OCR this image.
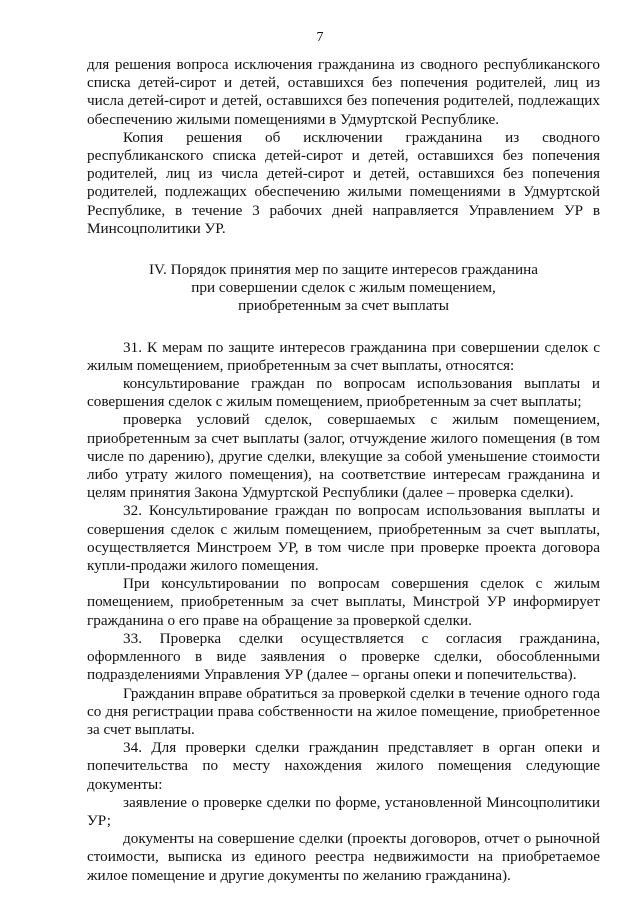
7

для решения вопроса исключения гражданина из сводного республиканского списка детей-сирот и детей, оставшихся без попечения родителей, лиц из числа детей-сирот и детей, оставшихся без попечения родителей, подлежащих обеспечению жилыми помещениями в Удмуртской Республике.

Копия решения об исключении гражданина из сводного республиканского списка детей-сирот и детей, оставшихся без попечения родителей, лиц из числа детей-сирот и детей, оставшихся без попечения родителей, подлежащих обеспечению жилыми помещениями в Удмуртской Республике, в течение 3 рабочих дней направляется Управлением УР в Минсоцполитики УР.

IV. Порядок принятия мер по защите интересов гражданина
при совершении сделок с жилым помещением,
приобретенным за счет выплаты

31. К мерам по защите интересов гражданина при совершении сделок с жилым помещением, приобретенным за счет выплаты, относятся:

консультирование граждан по вопросам использования выплаты и совершения сделок с жилым помещением, приобретенным за счет выплаты;

проверка условий сделок, совершаемых с жилым помещением, приобретенным за счет выплаты (залог, отчуждение жилого помещения (в том числе по дарению), другие сделки, влекущие за собой уменьшение стоимости либо утрату жилого помещения), на соответствие интересам гражданина и целям принятия Закона Удмуртской Республики (далее – проверка сделки).

32. Консультирование граждан по вопросам использования выплаты и совершения сделок с жилым помещением, приобретенным за счет выплаты, осуществляется Минстроем УР, в том числе при проверке проекта договора купли-продажи жилого помещения.

При консультировании по вопросам совершения сделок с жилым помещением, приобретенным за счет выплаты, Минстрой УР информирует гражданина о его праве на обращение за проверкой сделки.

33. Проверка сделки осуществляется с согласия гражданина, оформленного в виде заявления о проверке сделки, обособленными подразделениями Управления УР (далее – органы опеки и попечительства).

Гражданин вправе обратиться за проверкой сделки в течение одного года со дня регистрации права собственности на жилое помещение, приобретенное за счет выплаты.

34. Для проверки сделки гражданин представляет в орган опеки и попечительства по месту нахождения жилого помещения следующие документы:

заявление о проверке сделки по форме, установленной Минсоцполитики УР;

документы на совершение сделки (проекты договоров, отчет о рыночной стоимости, выписка из единого реестра недвижимости на приобретаемое жилое помещение и другие документы по желанию гражданина).
